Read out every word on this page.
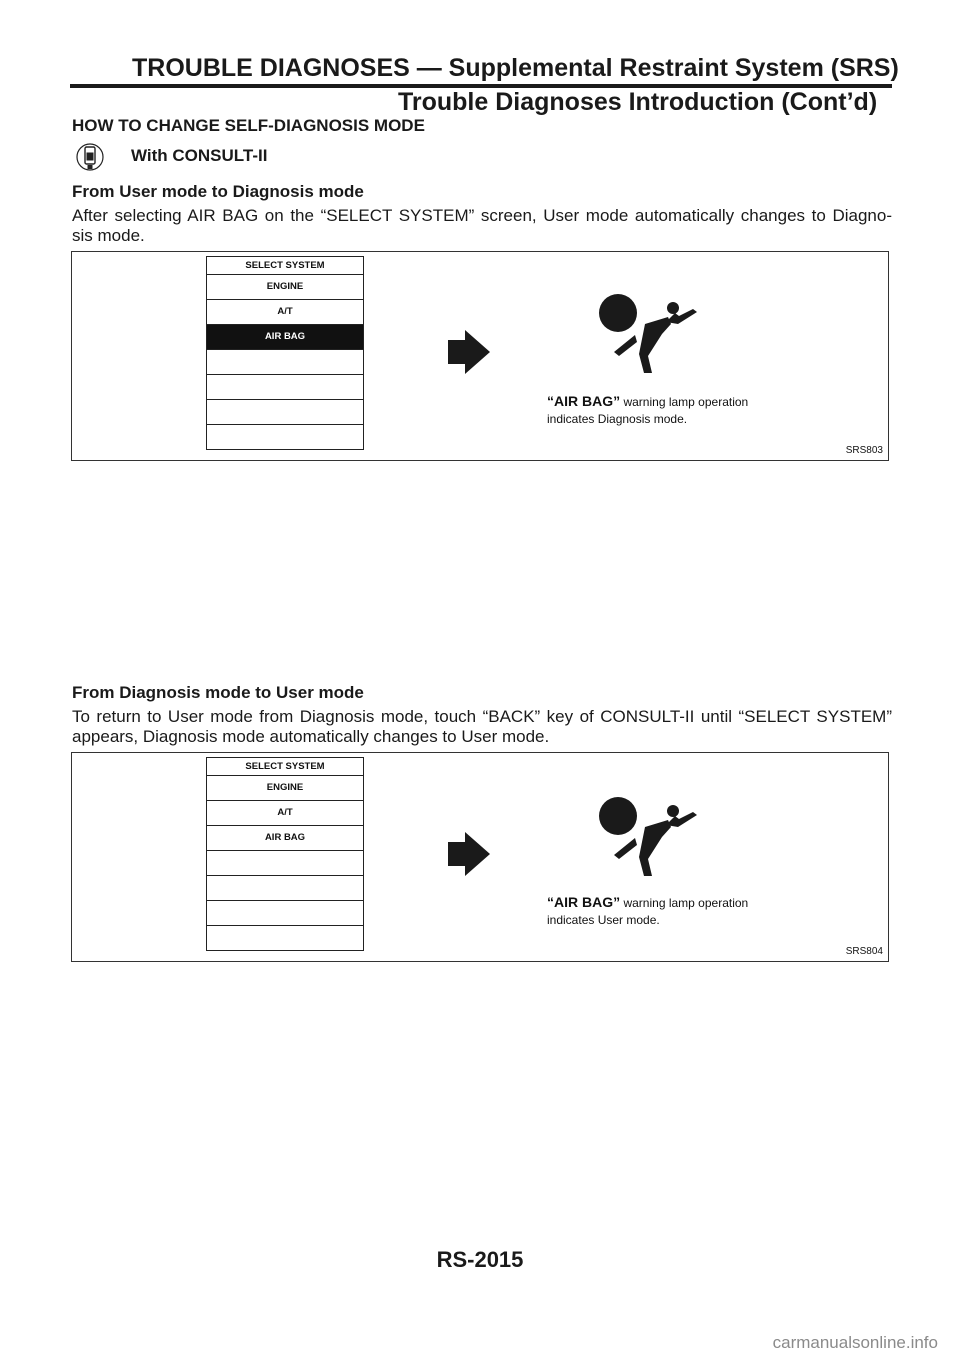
TROUBLE DIAGNOSES — Supplemental Restraint System (SRS)
Trouble Diagnoses Introduction (Cont’d)
HOW TO CHANGE SELF-DIAGNOSIS MODE
With CONSULT-II
From User mode to Diagnosis mode
After selecting AIR BAG on the “SELECT SYSTEM” screen, User mode automatically changes to Diagno-
sis mode.
SELECT SYSTEM
ENGINE
A/T
AIR BAG
“AIR BAG” warning lamp operation
indicates Diagnosis mode.
SRS803
From Diagnosis mode to User mode
To return to User mode from Diagnosis mode, touch “BACK” key of CONSULT-II until “SELECT SYSTEM”
appears, Diagnosis mode automatically changes to User mode.
SELECT SYSTEM
ENGINE
A/T
AIR BAG
“AIR BAG” warning lamp operation
indicates User mode.
SRS804
RS-2015
carmanualsonline.info
